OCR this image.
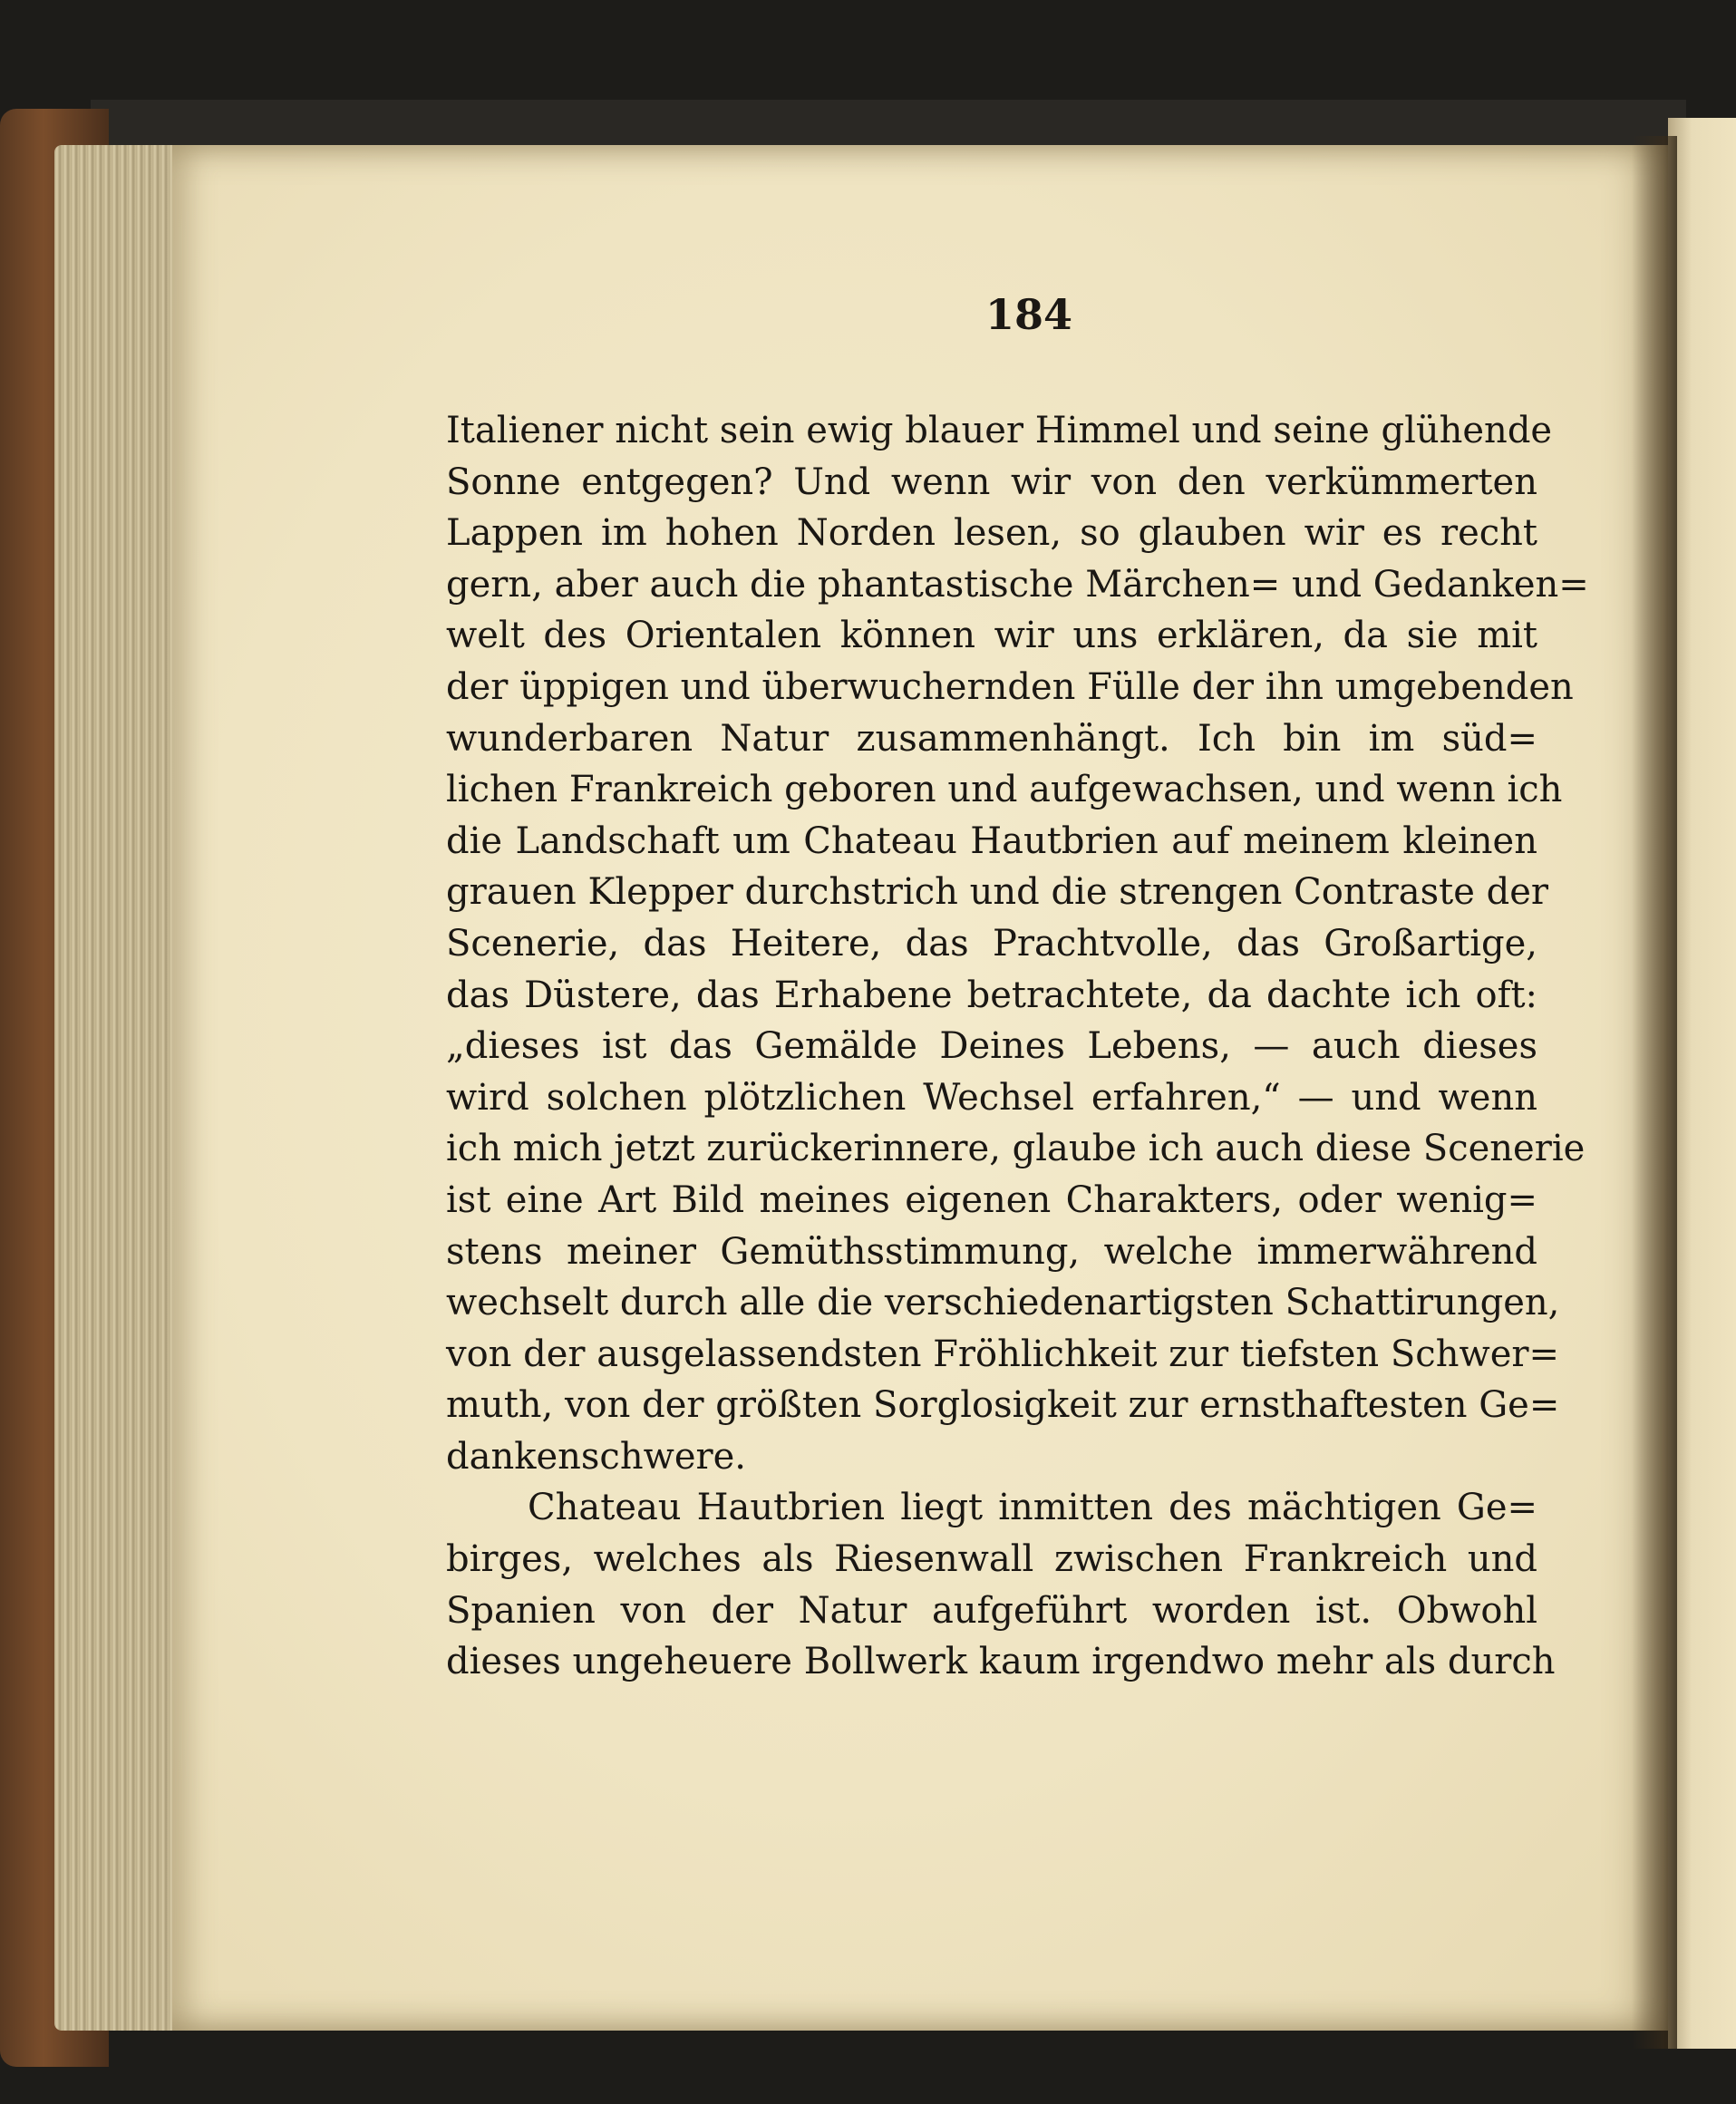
184
Italiener nicht sein ewig blauer Himmel und seine glühende
Sonne entgegen? Und wenn wir von den verkümmerten
Lappen im hohen Norden lesen, so glauben wir es recht
gern, aber auch die phantastische Märchen= und Gedanken=
welt des Orientalen können wir uns erklären, da sie mit
der üppigen und überwuchernden Fülle der ihn umgebenden
wunderbaren Natur zusammenhängt. Ich bin im süd=
lichen Frankreich geboren und aufgewachsen, und wenn ich
die Landschaft um Chateau Hautbrien auf meinem kleinen
grauen Klepper durchstrich und die strengen Contraste der
Scenerie, das Heitere, das Prachtvolle, das Großartige,
das Düstere, das Erhabene betrachtete, da dachte ich oft:
„dieses ist das Gemälde Deines Lebens, — auch dieses
wird solchen plötzlichen Wechsel erfahren,“ — und wenn
ich mich jetzt zurückerinnere, glaube ich auch diese Scenerie
ist eine Art Bild meines eigenen Charakters, oder wenig=
stens meiner Gemüthsstimmung, welche immerwährend
wechselt durch alle die verschiedenartigsten Schattirungen,
von der ausgelassendsten Fröhlichkeit zur tiefsten Schwer=
muth, von der größten Sorglosigkeit zur ernsthaftesten Ge=
dankenschwere.
Chateau Hautbrien liegt inmitten des mächtigen Ge=
birges, welches als Riesenwall zwischen Frankreich und
Spanien von der Natur aufgeführt worden ist. Obwohl
dieses ungeheuere Bollwerk kaum irgendwo mehr als durch
